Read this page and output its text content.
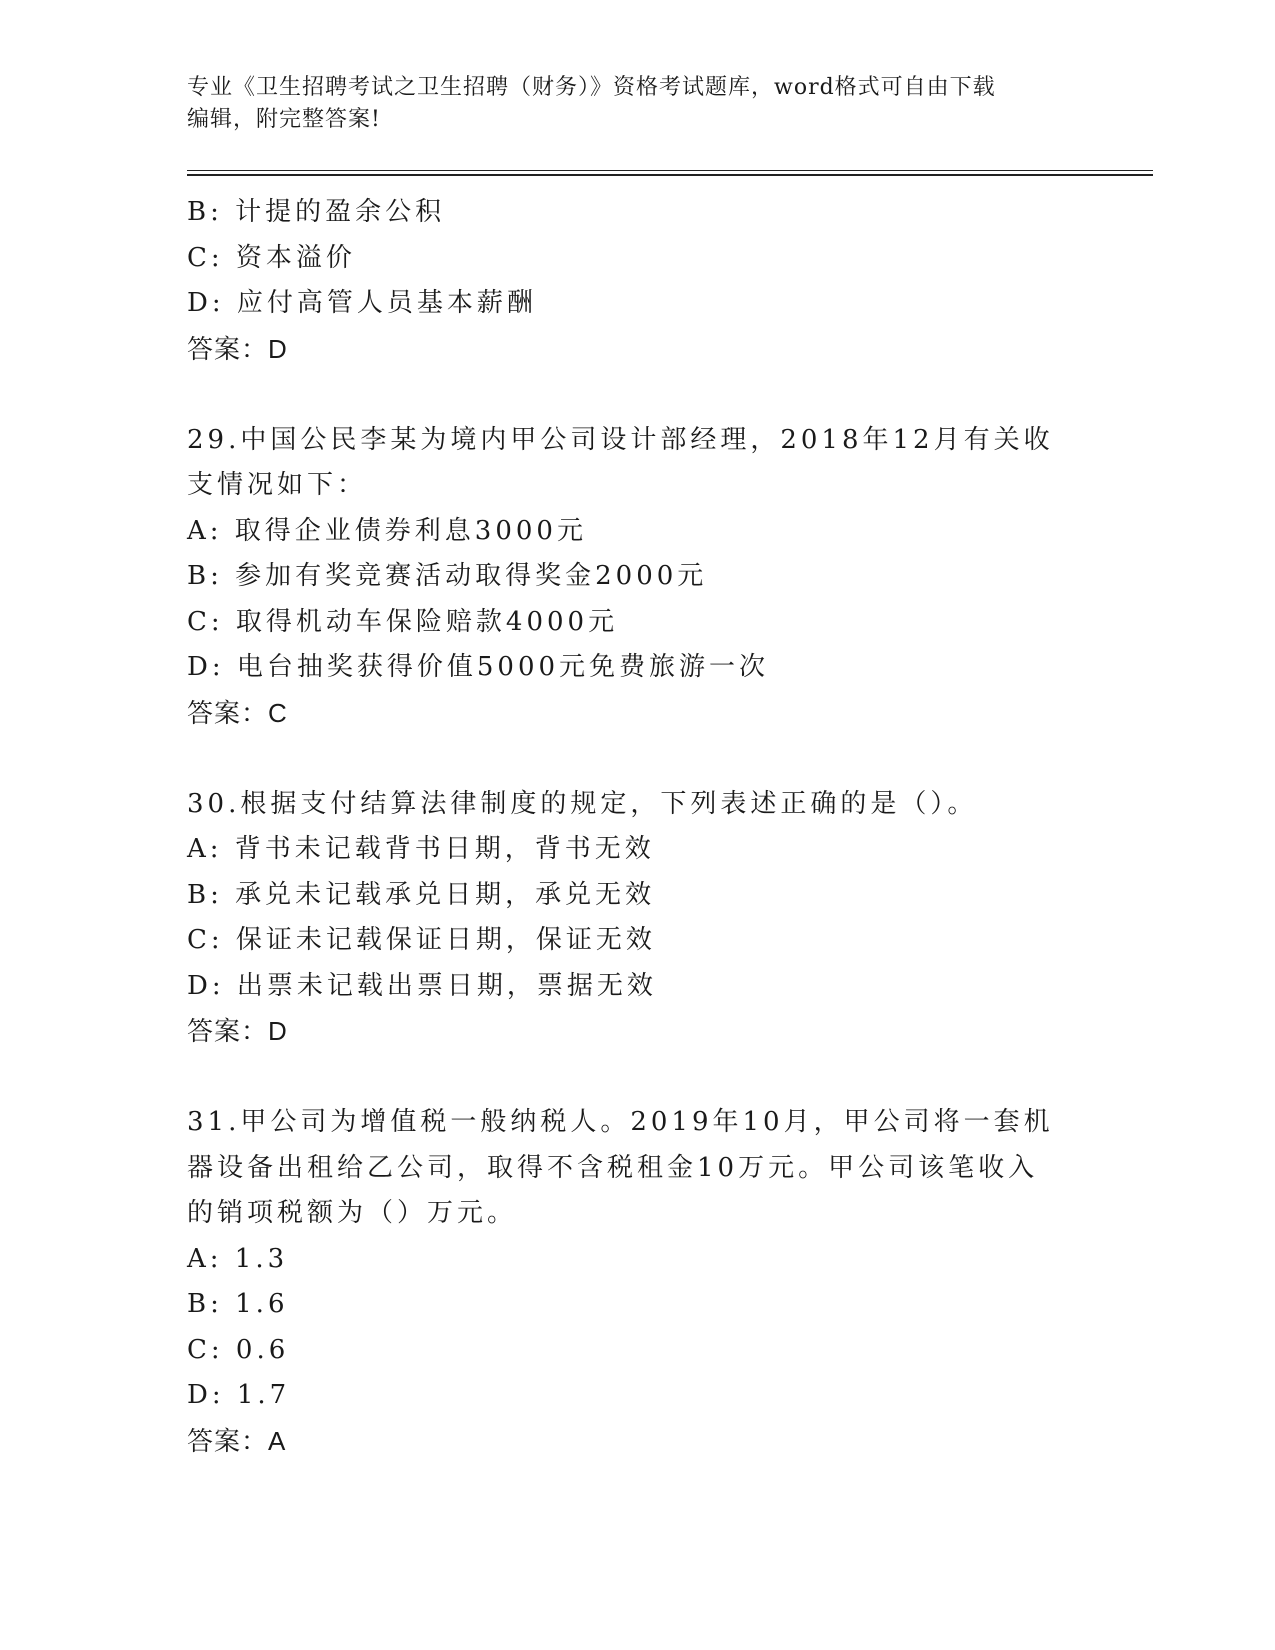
专业《卫生招聘考试之卫生招聘（财务）》资格考试题库，word格式可自由下载
编辑，附完整答案!
B: 计提的盈余公积
C: 资本溢价
D: 应付高管人员基本薪酬
答案：D
29.中国公民李某为境内甲公司设计部经理，2018年12月有关收支情况如下：
A: 取得企业债券利息3000元
B: 参加有奖竞赛活动取得奖金2000元
C: 取得机动车保险赔款4000元
D: 电台抽奖获得价值5000元免费旅游一次
答案：C
30.根据支付结算法律制度的规定，下列表述正确的是（）。
A: 背书未记载背书日期，背书无效
B: 承兑未记载承兑日期，承兑无效
C: 保证未记载保证日期，保证无效
D: 出票未记载出票日期，票据无效
答案：D
31.甲公司为增值税一般纳税人。2019年10月，甲公司将一套机器设备出租给乙公司，取得不含税租金10万元。甲公司该笔收入的销项税额为（）万元。
A: 1.3
B: 1.6
C: 0.6
D: 1.7
答案：A
